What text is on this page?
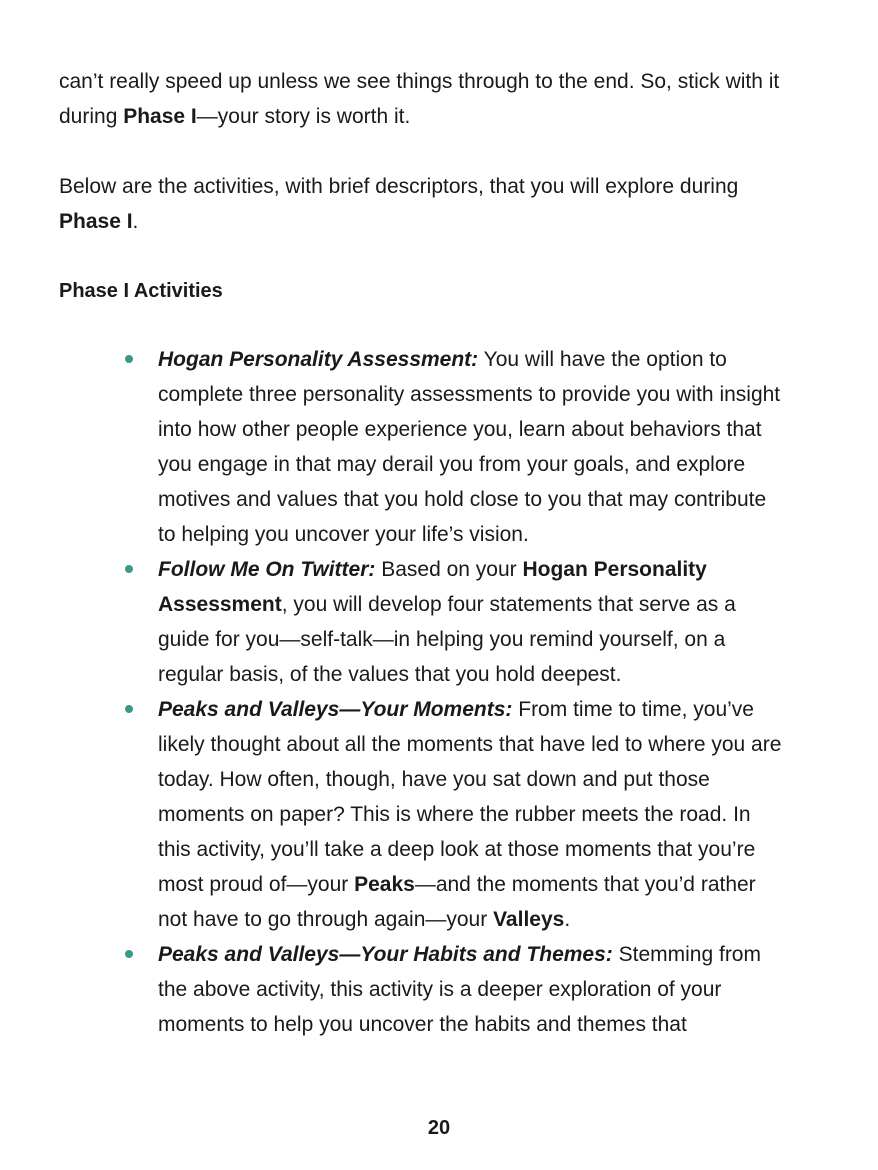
can’t really speed up unless we see things through to the end. So, stick with it during Phase I—your story is worth it.

Below are the activities, with brief descriptors, that you will explore during Phase I.

Phase I Activities
Hogan Personality Assessment: You will have the option to complete three personality assessments to provide you with insight into how other people experience you, learn about behaviors that you engage in that may derail you from your goals, and explore motives and values that you hold close to you that may contribute to helping you uncover your life’s vision.
Follow Me On Twitter: Based on your Hogan Personality Assessment, you will develop four statements that serve as a guide for you—self-talk—in helping you remind yourself, on a regular basis, of the values that you hold deepest.
Peaks and Valleys—Your Moments: From time to time, you’ve likely thought about all the moments that have led to where you are today. How often, though, have you sat down and put those moments on paper? This is where the rubber meets the road. In this activity, you’ll take a deep look at those moments that you’re most proud of—your Peaks—and the moments that you’d rather not have to go through again—your Valleys.
Peaks and Valleys—Your Habits and Themes: Stemming from the above activity, this activity is a deeper exploration of your moments to help you uncover the habits and themes that
20
